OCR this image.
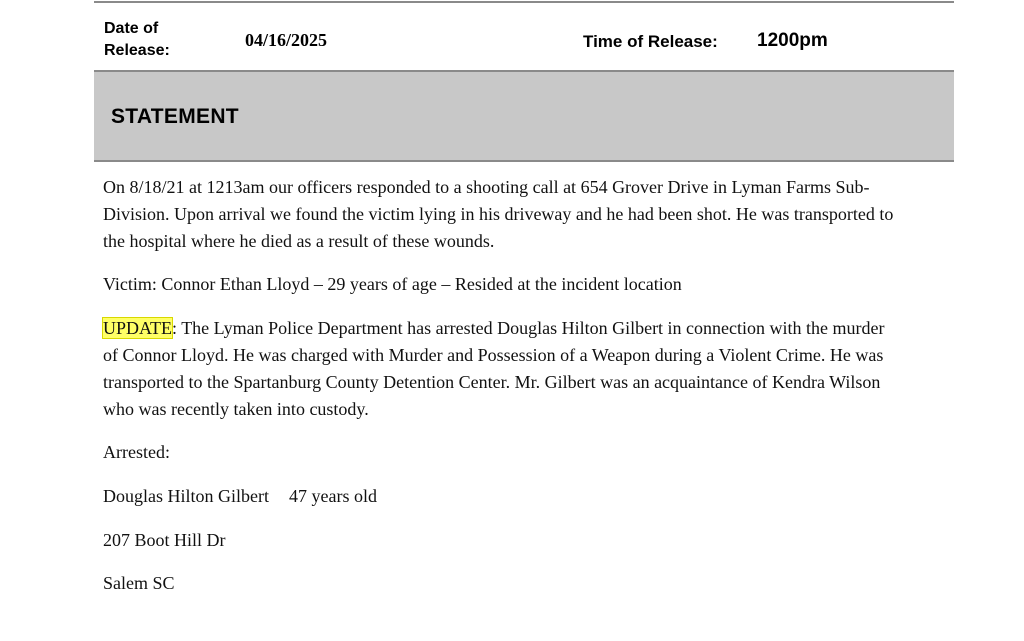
Date of
Release:
04/16/2025	Time of Release: 1200pm
STATEMENT

On 8/18/21 at 1213am our officers responded to a shooting call at 654 Grover Drive in Lyman Farms Sub-Division. Upon arrival we found the victim lying in his driveway and he had been shot. He was transported to the hospital where he died as a result of these wounds.

Victim: Connor Ethan Lloyd – 29 years of age – Resided at the incident location

UPDATE: The Lyman Police Department has arrested Douglas Hilton Gilbert in connection with the murder of Connor Lloyd. He was charged with Murder and Possession of a Weapon during a Violent Crime. He was transported to the Spartanburg County Detention Center. Mr. Gilbert was an acquaintance of Kendra Wilson who was recently taken into custody.

Arrested:

Douglas Hilton Gilbert 47 years old

207 Boot Hill Dr

Salem SC
